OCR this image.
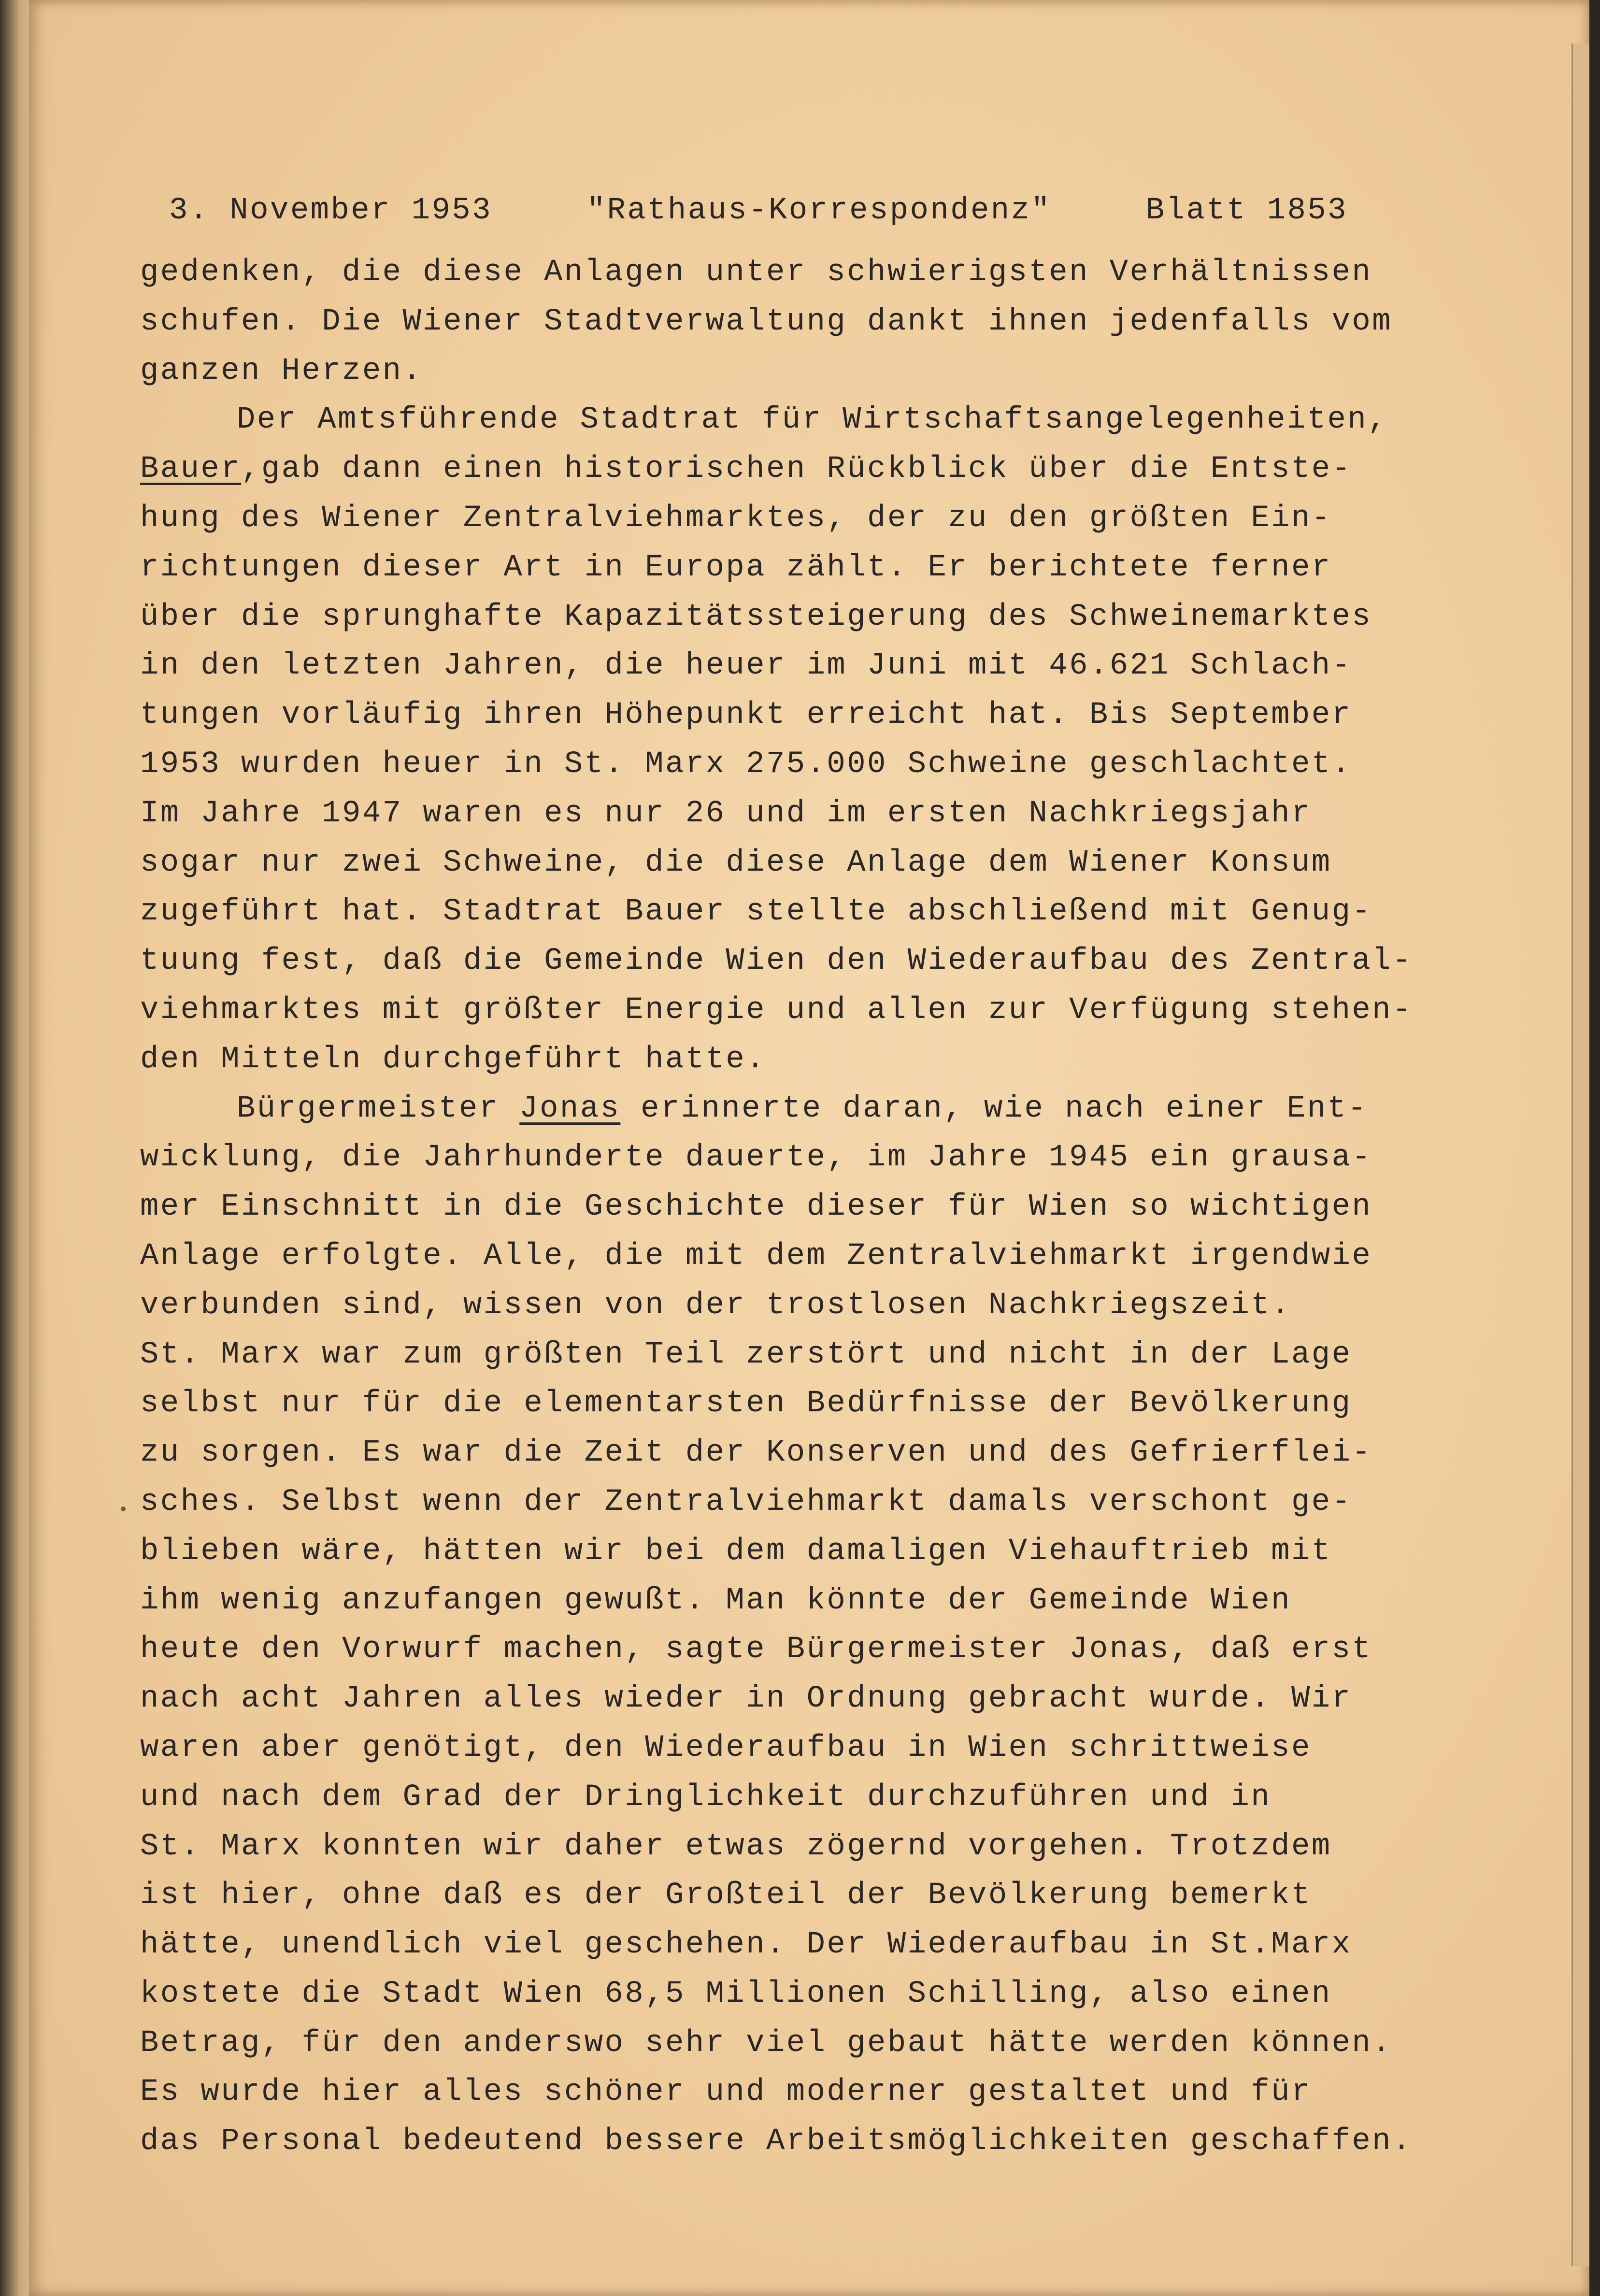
3. November 1953	"Rathaus-Korrespondenz"	Blatt 1853
gedenken, die diese Anlagen unter schwierigsten Verhältnissen
schufen. Die Wiener Stadtverwaltung dankt ihnen jedenfalls vom
ganzen Herzen.
Der Amtsführende Stadtrat für Wirtschaftsangelegenheiten,
Bauer,gab dann einen historischen Rückblick über die Entste-
hung des Wiener Zentralviehmarktes, der zu den größten Ein-
richtungen dieser Art in Europa zählt. Er berichtete ferner
über die sprunghafte Kapazitätssteigerung des Schweinemarktes
in den letzten Jahren, die heuer im Juni mit 46.621 Schlach-
tungen vorläufig ihren Höhepunkt erreicht hat. Bis September
1953 wurden heuer in St. Marx 275.000 Schweine geschlachtet.
Im Jahre 1947 waren es nur 26 und im ersten Nachkriegsjahr
sogar nur zwei Schweine, die diese Anlage dem Wiener Konsum
zugeführt hat. Stadtrat Bauer stellte abschließend mit Genug-
tuung fest, daß die Gemeinde Wien den Wiederaufbau des Zentral-
viehmarktes mit größter Energie und allen zur Verfügung stehen-
den Mitteln durchgeführt hatte.
Bürgermeister Jonas erinnerte daran, wie nach einer Ent-
wicklung, die Jahrhunderte dauerte, im Jahre 1945 ein grausa-
mer Einschnitt in die Geschichte dieser für Wien so wichtigen
Anlage erfolgte. Alle, die mit dem Zentralviehmarkt irgendwie
verbunden sind, wissen von der trostlosen Nachkriegszeit.
St. Marx war zum größten Teil zerstört und nicht in der Lage
selbst nur für die elementarsten Bedürfnisse der Bevölkerung
zu sorgen. Es war die Zeit der Konserven und des Gefrierflei-
sches. Selbst wenn der Zentralviehmarkt damals verschont ge-
blieben wäre, hätten wir bei dem damaligen Viehauftrieb mit
ihm wenig anzufangen gewußt. Man könnte der Gemeinde Wien
heute den Vorwurf machen, sagte Bürgermeister Jonas, daß erst
nach acht Jahren alles wieder in Ordnung gebracht wurde. Wir
waren aber genötigt, den Wiederaufbau in Wien schrittweise
und nach dem Grad der Dringlichkeit durchzuführen und in
St. Marx konnten wir daher etwas zögernd vorgehen. Trotzdem
ist hier, ohne daß es der Großteil der Bevölkerung bemerkt
hätte, unendlich viel geschehen. Der Wiederaufbau in St.Marx
kostete die Stadt Wien 68,5 Millionen Schilling, also einen
Betrag, für den anderswo sehr viel gebaut hätte werden können.
Es wurde hier alles schöner und moderner gestaltet und für
das Personal bedeutend bessere Arbeitsmöglichkeiten geschaffen.
